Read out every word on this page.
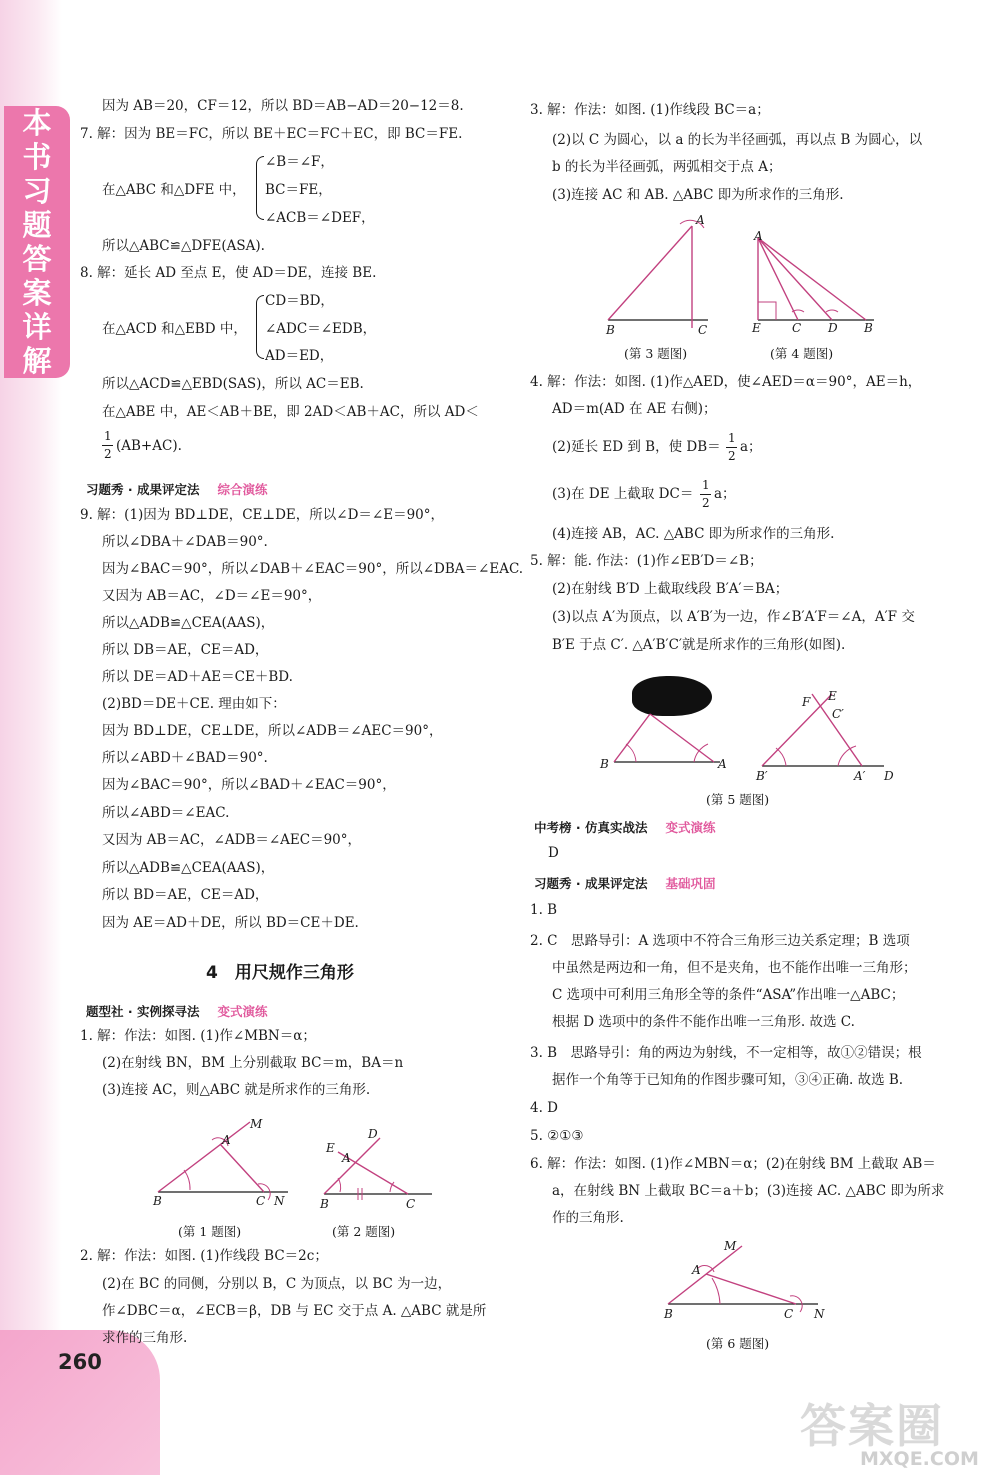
本
书
习
题
答
案
详
解
260
因为 AB＝20，CF＝12，所以 BD＝AB−AD＝20−12＝8.
7. 解：因为 BE＝FC，所以 BE＋EC＝FC＋EC，即 BC＝FE.
∠B＝∠F，
在△ABC 和△DFE 中， BC＝FE，
∠ACB＝∠DEF，
所以△ABC≌△DFE(ASA).
8. 解：延长 AD 至点 E，使 AD＝DE，连接 BE.
CD＝BD，
在△ACD 和△EBD 中， ∠ADC＝∠EDB，
AD＝ED，
所以△ACD≌△EBD(SAS)，所以 AC＝EB.
在△ABE 中，AE＜AB＋BE，即 2AD＜AB＋AC，所以 AD＜
1
2 (AB+AC).
习题秀 · 成果评定法 综合演练
9. 解：(1)因为 BD⊥DE，CE⊥DE，所以∠D＝∠E＝90°，
所以∠DBA＋∠DAB＝90°.
因为∠BAC＝90°，所以∠DAB＋∠EAC＝90°，所以∠DBA＝∠EAC.
又因为 AB＝AC，∠D＝∠E＝90°，
所以△ADB≌△CEA(AAS)，
所以 DB＝AE，CE＝AD，
所以 DE＝AD＋AE＝CE＋BD.
(2)BD＝DE＋CE. 理由如下：
因为 BD⊥DE，CE⊥DE，所以∠ADB＝∠AEC＝90°，
所以∠ABD＋∠BAD＝90°.
因为∠BAC＝90°，所以∠BAD＋∠EAC＝90°，
所以∠ABD＝∠EAC.
又因为 AB＝AC，∠ADB＝∠AEC＝90°，
所以△ADB≌△CEA(AAS)，
所以 BD＝AE，CE＝AD，
因为 AE＝AD＋DE，所以 BD＝CE＋DE.
4　用尺规作三角形
题型社 · 实例探寻法 变式演练
1. 解：作法：如图. (1)作∠MBN＝α；
(2)在射线 BN，BM 上分别截取 BC＝m，BA＝n
(3)连接 AC，则△ABC 就是所求作的三角形.
(第 1 题图)	(第 2 题图)
2. 解：作法：如图. (1)作线段 BC＝2c；
(2)在 BC 的同侧，分别以 B，C 为顶点，以 BC 为一边，
作∠DBC＝α，∠ECB＝β，DB 与 EC 交于点 A. △ABC 就是所
求作的三角形.
M
A
B	C N
D
E
A
B	C
3. 解：作法：如图. (1)作线段 BC＝a；
(2)以 C 为圆心，以 a 的长为半径画弧，再以点 B 为圆心，以
b 的长为半径画弧，两弧相交于点 A；
(3)连接 AC 和 AB. △ABC 即为所求作的三角形.
(第 3 题图)	(第 4 题图)
4. 解：作法：如图. (1)作△AED，使∠AED＝α＝90°，AE＝h，
AD＝m(AD 在 AE 右侧)；
(2)延长 ED 到 B，使 DB＝
1
2
a；
(3)在 DE 上截取 DC＝
1
2
a；
(4)连接 AB，AC. △ABC 即为所求作的三角形.
5. 解：能. 作法：(1)作∠EB′D＝∠B；
(2)在射线 B′D 上截取线段 B′A′＝BA；
(3)以点 A′为顶点，以 A′B′为一边，作∠B′A′F＝∠A，A′F 交
B′E 于点 C′. △A′B′C′就是所求作的三角形(如图).
(第 5 题图)
中考榜 · 仿真实战法 变式演练
D
习题秀 · 成果评定法 基础巩固
1. B
2. C　思路导引：A 选项中不符合三角形三边关系定理；B 选项
中虽然是两边和一角，但不是夹角，也不能作出唯一三角形；
C 选项中可利用三角形全等的条件“ASA”作出唯一△ABC；
根据 D 选项中的条件不能作出唯一三角形. 故选 C.
3. B　思路导引：角的两边为射线，不一定相等，故①②错误；根
据作一个角等于已知角的作图步骤可知，③④正确. 故选 B.
4. D
5. ②①③
6. 解：作法：如图. (1)作∠MBN＝α；(2)在射线 BM 上截取 AB＝
a，在射线 BN 上截取 BC＝a＋b；(3)连接 AC. △ABC 即为所求
作的三角形.
(第 6 题图)
A
B	C
A
E	C D B
B	A
E
F
C′
B′	A′ D
M
A
B	C N
答案圈
MXQE.COM
